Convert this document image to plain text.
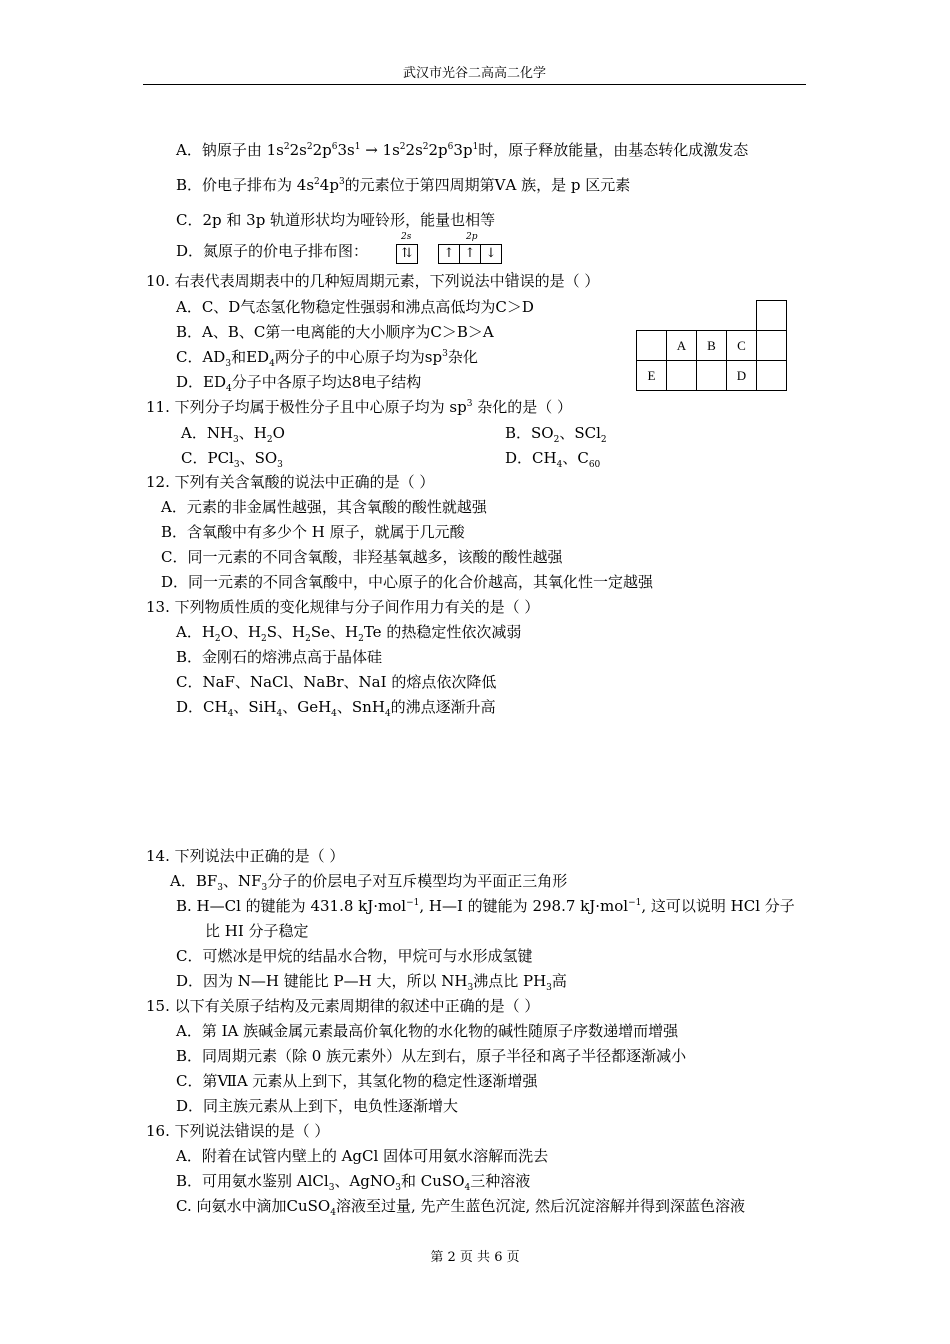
武汉市光谷二高高二化学
A．钠原子由 $1s^22s^22p^63s^1 \to 1s^22s^22p^63p^1$时，原子释放能量，由基态转化成激发态
B．价电子排布为 $4s^24p^3$的元素位于第四周期第ⅤA 族，是 p 区元素
C．2p 和 3p 轨道形状均为哑铃形，能量也相等
D．氮原子的价电子排布图：
2s	2p
⇅	↑ ↑ ↓
10. 右表代表周期表中的几种短周期元素，下列说法中错误的是（ ）
A．C、D气态氢化物稳定性强弱和沸点高低均为C＞D
B．A、B、C第一电离能的大小顺序为C＞B＞A
C．$AD_3$和$ED_4$两分子的中心原子均为$sp^3$杂化
D．$ED_4$分子中各原子均达8电子结构

	A	B	C	
E			D	
11. 下列分子均属于极性分子且中心原子均为 $sp^3$ 杂化的是（ ）
A．$NH_3$、$H_2O$	B．$SO_2$、SCl$_2$
C．PCl$_3$、$SO_3$	D．$CH_4$、$C_{60}$
12. 下列有关含氧酸的说法中正确的是（ ）
A．元素的非金属性越强，其含氧酸的酸性就越强
B．含氧酸中有多少个 H 原子，就属于几元酸
C．同一元素的不同含氧酸，非羟基氧越多，该酸的酸性越强
D．同一元素的不同含氧酸中，中心原子的化合价越高，其氧化性一定越强
13. 下列物质性质的变化规律与分子间作用力有关的是（ ）
A．$H_2O$、$H_2S$、$H_2Se$、$H_2Te$ 的热稳定性依次减弱
B．金刚石的熔沸点高于晶体硅
C．NaF、NaCl、NaBr、NaI 的熔点依次降低
D．$CH_4$、SiH$_4$、GeH$_4$、SnH$_4$的沸点逐渐升高
14. 下列说法中正确的是（ ）
A．$BF_3$、$NF_3$分子的价层电子对互斥模型均为平面正三角形
B. H—Cl 的键能为 431.8 kJ·mol$^{-1}$, H—I 的键能为 298.7 kJ·mol$^{-1}$, 这可以说明 HCl 分子
比 HI 分子稳定
C．可燃冰是甲烷的结晶水合物，甲烷可与水形成氢键
D．因为 N—H 键能比 P—H 大，所以 $NH_3$沸点比 $PH_3$高
15. 以下有关原子结构及元素周期律的叙述中正确的是（ ）
A．第 IA 族碱金属元素最高价氧化物的水化物的碱性随原子序数递增而增强
B．同周期元素（除 0 族元素外）从左到右，原子半径和离子半径都逐渐减小
C．第ⅦA 元素从上到下，其氢化物的稳定性逐渐增强
D．同主族元素从上到下，电负性逐渐增大
16. 下列说法错误的是（ ）
A．附着在试管内壁上的 AgCl 固体可用氨水溶解而洗去
B．可用氨水鉴别 AlCl$_3$、AgNO$_3$和 CuSO$_4$三种溶液
C. 向氨水中滴加CuSO$_4$溶液至过量, 先产生蓝色沉淀, 然后沉淀溶解并得到深蓝色溶液
第 2 页 共 6 页
